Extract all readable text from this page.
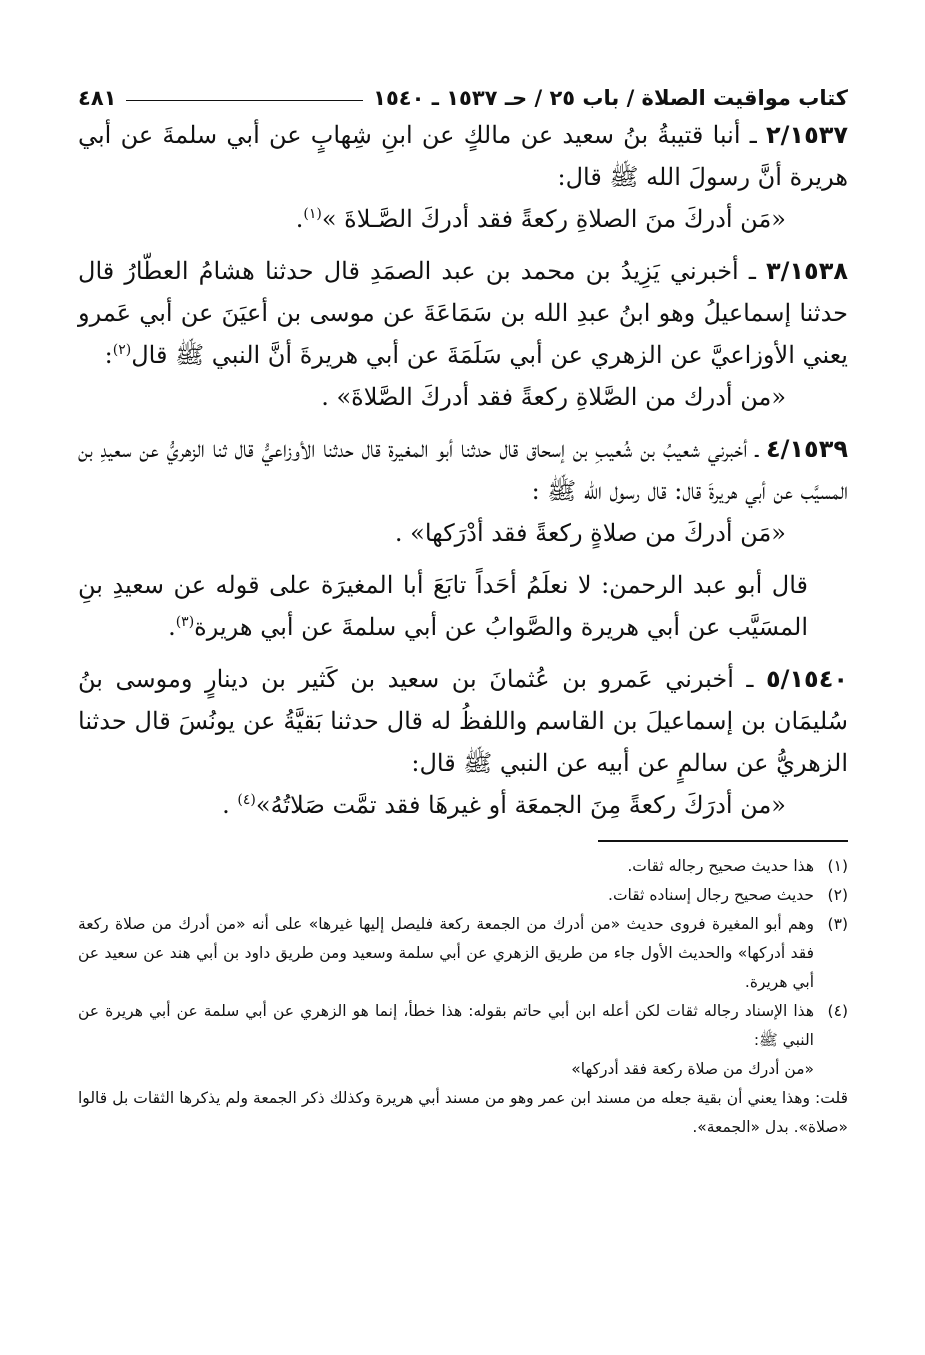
كتاب مواقيت الصلاة / باب ٢٥ / حـ ١٥٣٧ ـ ١٥٤٠
٤٨١

٢/١٥٣٧ ـ أنبا قتيبةُ بنُ سعيد عن مالكٍ عن ابنِ شِهابٍ عن أبي سلمةَ عن أبي هريرة أنَّ رسولَ الله ﷺ قال:

«مَن أدركَ منَ الصلاةِ ركعةً فقد أدركَ الصَّـلاةَ »$^{(١)}$.

٣/١٥٣٨ ـ أخبرني يَزِيدُ بن محمد بن عبد الصمَدِ قال حدثنا هشامُ العطّارُ قال حدثنا إسماعيلُ وهو ابنُ عبدِ الله بن سَمَاعَةَ عن موسى بن أعيَنَ عن أبي عَمرو يعني الأوزاعيَّ عن الزهري عن أبي سَلَمَةَ عن أبي هريرةَ أنَّ النبي ﷺ قال$^{(٢)}$:

«من أدرك من الصَّلاةِ ركعةً فقد أدركَ الصَّلاةَ» .

٤/١٥٣٩ ـ أخبرني شعيبُ بن شُعيبِ بن إسحاق قال حدثنا أبو المغيرة قال حدثنا الأوزاعيُّ قال ثنا الزهريُّ عن سعيدِ بن المسيَّب عن أبي هريرةَ قال: قال رسول الله ﷺ :

«مَن أدركَ من صلاةٍ ركعةً فقد أدْرَكها» .

قال أبو عبد الرحمن: لا نعلَمُ أحَداً تابَعَ أبا المغيرَة على قوله عن سعيدِ بنِ المسَيَّب عن أبي هريرة والصَّوابُ عن أبي سلمةَ عن أبي هريرة$^{(٣)}$.

٥/١٥٤٠ ـ أخبرني عَمرو بن عُثمانَ بن سعيد بن كَثير بن دينارٍ وموسى بنُ سُليمَان بن إسماعيلَ بن القاسم واللفظُ له قال حدثنا بَقيَّةُ عن يونُسَ قال حدثنا الزهريُّ عن سالمٍ عن أبيه عن النبي ﷺ قال:

«من أدرَكَ ركعةً مِنَ الجمعَة أو غيرهَا فقد تمَّت صَلاتُهُ»$^{(٤)}$ .

(١)
هذا حديث صحيح رجاله ثقات.

(٢)
حديث صحيح رجال إسناده ثقات.

(٣)
وهم أبو المغيرة فروى حديث «من أدرك من الجمعة ركعة فليصل إليها غيرها» على أنه «من أدرك من صلاة ركعة فقد أدركها» والحديث الأول جاء من طريق الزهري عن أبي سلمة وسعيد ومن طريق داود بن أبي هند عن سعيد عن أبي هريرة.

(٤)
هذا الإسناد رجاله ثقات لكن أعله ابن أبي حاتم بقوله: هذا خطأ، إنما هو الزهري عن أبي سلمة عن أبي هريرة عن النبي ﷺ:

«من أدرك من صلاة ركعة فقد أدركها»

قلت: وهذا يعني أن بقية جعله من مسند ابن عمر وهو من مسند أبي هريرة وكذلك ذكر الجمعة ولم يذكرها الثقات بل قالوا «صلاة». بدل «الجمعة».
